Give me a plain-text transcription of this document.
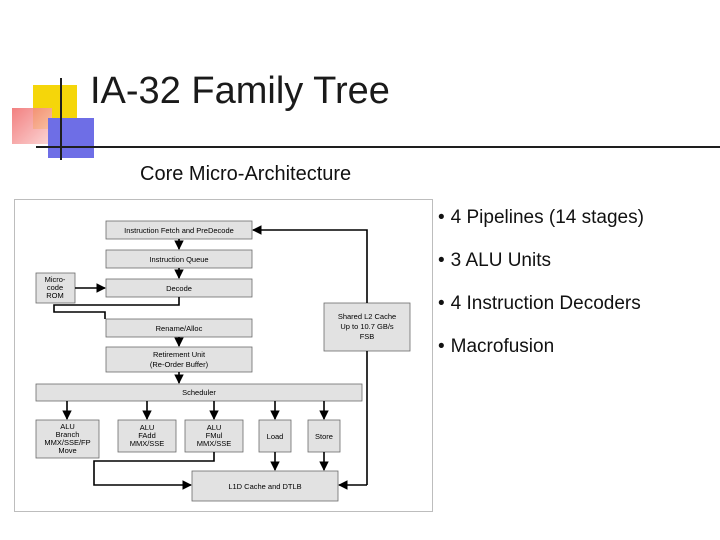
IA-32 Family Tree
Core Micro-Architecture
Instruction Fetch and PreDecode
Instruction Queue
Decode
Micro-
code
ROM
Rename/Alloc
Retirement Unit
(Re-Order Buffer)
Shared L2 Cache
Up to 10.7 GB/s
FSB
Scheduler
ALU
Branch
MMX/SSE/FP
Move
ALU
FAdd
MMX/SSE
ALU
FMul
MMX/SSE
Load	Store
L1D Cache and DTLB
• 4 Pipelines (14 stages)
• 3 ALU Units
• 4 Instruction Decoders
• Macrofusion
